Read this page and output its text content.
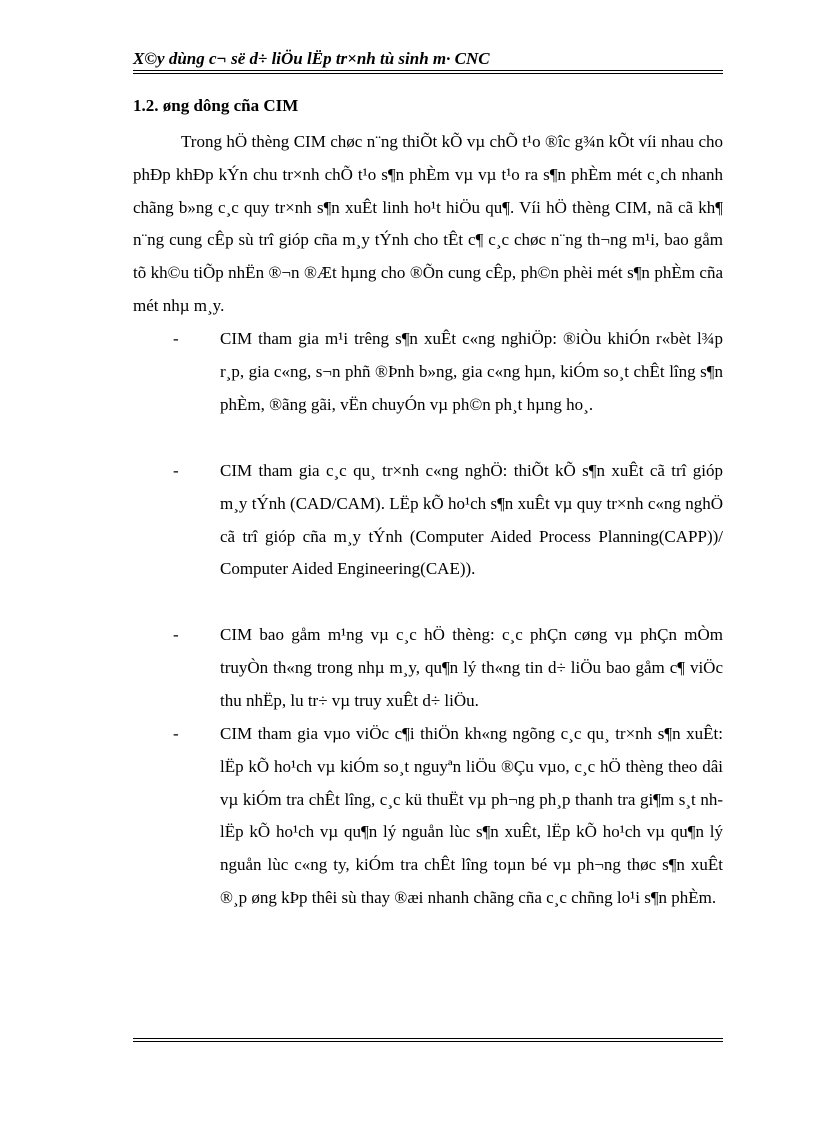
X©y dùng c¬ së d÷ liÖu lËp tr×nh tù sinh m· CNC
1.2. øng dông cña CIM
Trong hÖ thèng CIM chøc n¨ng thiÕt kÕ vµ chÕ t¹o ®îc g¾n kÕt víi nhau cho phÐp khÐp kÝn chu tr×nh chÕ t¹o s¶n phÈm vµ vµ t¹o ra s¶n phÈm mét c¸ch nhanh chãng b»ng c¸c quy tr×nh s¶n xuÊt linh ho¹t hiÖu qu¶. Víi hÖ thèng CIM, nã cã kh¶ n¨ng cung cÊp sù trî gióp cña m¸y tÝnh cho tÊt c¶ c¸c chøc n¨ng th¬ng m¹i, bao gåm tõ kh©u tiÕp nhËn ®¬n ®Æt hµng cho ®Õn cung cÊp, ph©n phèi mét s¶n phÈm cña mét nhµ m¸y.
- CIM tham gia m¹i trêng s¶n xuÊt c«ng nghiÖp: ®iÒu khiÓn r«bèt l¾p r¸p, gia c«ng, s¬n phñ ®Þnh b»ng, gia c«ng hµn, kiÓm so¸t chÊt lîng s¶n phÈm, ®ãng gãi, vËn chuyÓn vµ ph©n ph¸t hµng ho¸.
- CIM tham gia c¸c qu¸ tr×nh c«ng nghÖ: thiÕt kÕ s¶n xuÊt cã trî gióp m¸y tÝnh (CAD/CAM). LËp kÕ ho¹ch s¶n xuÊt vµ quy tr×nh c«ng nghÖ cã trî gióp cña m¸y tÝnh (Computer Aided Process Planning(CAPP))/ Computer Aided Engineering(CAE)).
- CIM bao gåm m¹ng vµ c¸c hÖ thèng: c¸c phÇn cøng vµ phÇn mÒm truyÒn th«ng trong nhµ m¸y, qu¶n lý th«ng tin d÷ liÖu bao gåm c¶ viÖc thu nhËp, lu tr÷ vµ truy xuÊt d÷ liÖu.
- CIM tham gia vµo viÖc c¶i thiÖn kh«ng ngõng c¸c qu¸ tr×nh s¶n xuÊt: lËp kÕ ho¹ch vµ kiÓm so¸t nguyªn liÖu ®Çu vµo, c¸c hÖ thèng theo dâi vµ kiÓm tra chÊt lîng, c¸c kü thuËt vµ ph¬ng ph¸p thanh tra gi¶m s¸t nh lËp kÕ ho¹ch vµ qu¶n lý nguån lùc s¶n xuÊt, lËp kÕ ho¹ch vµ qu¶n lý nguån lùc c«ng ty, kiÓm tra chÊt lîng toµn bé vµ ph¬ng thøc s¶n xuÊt ®¸p øng kÞp thêi sù thay ®æi nhanh chãng cña c¸c chñng lo¹i s¶n phÈm.
